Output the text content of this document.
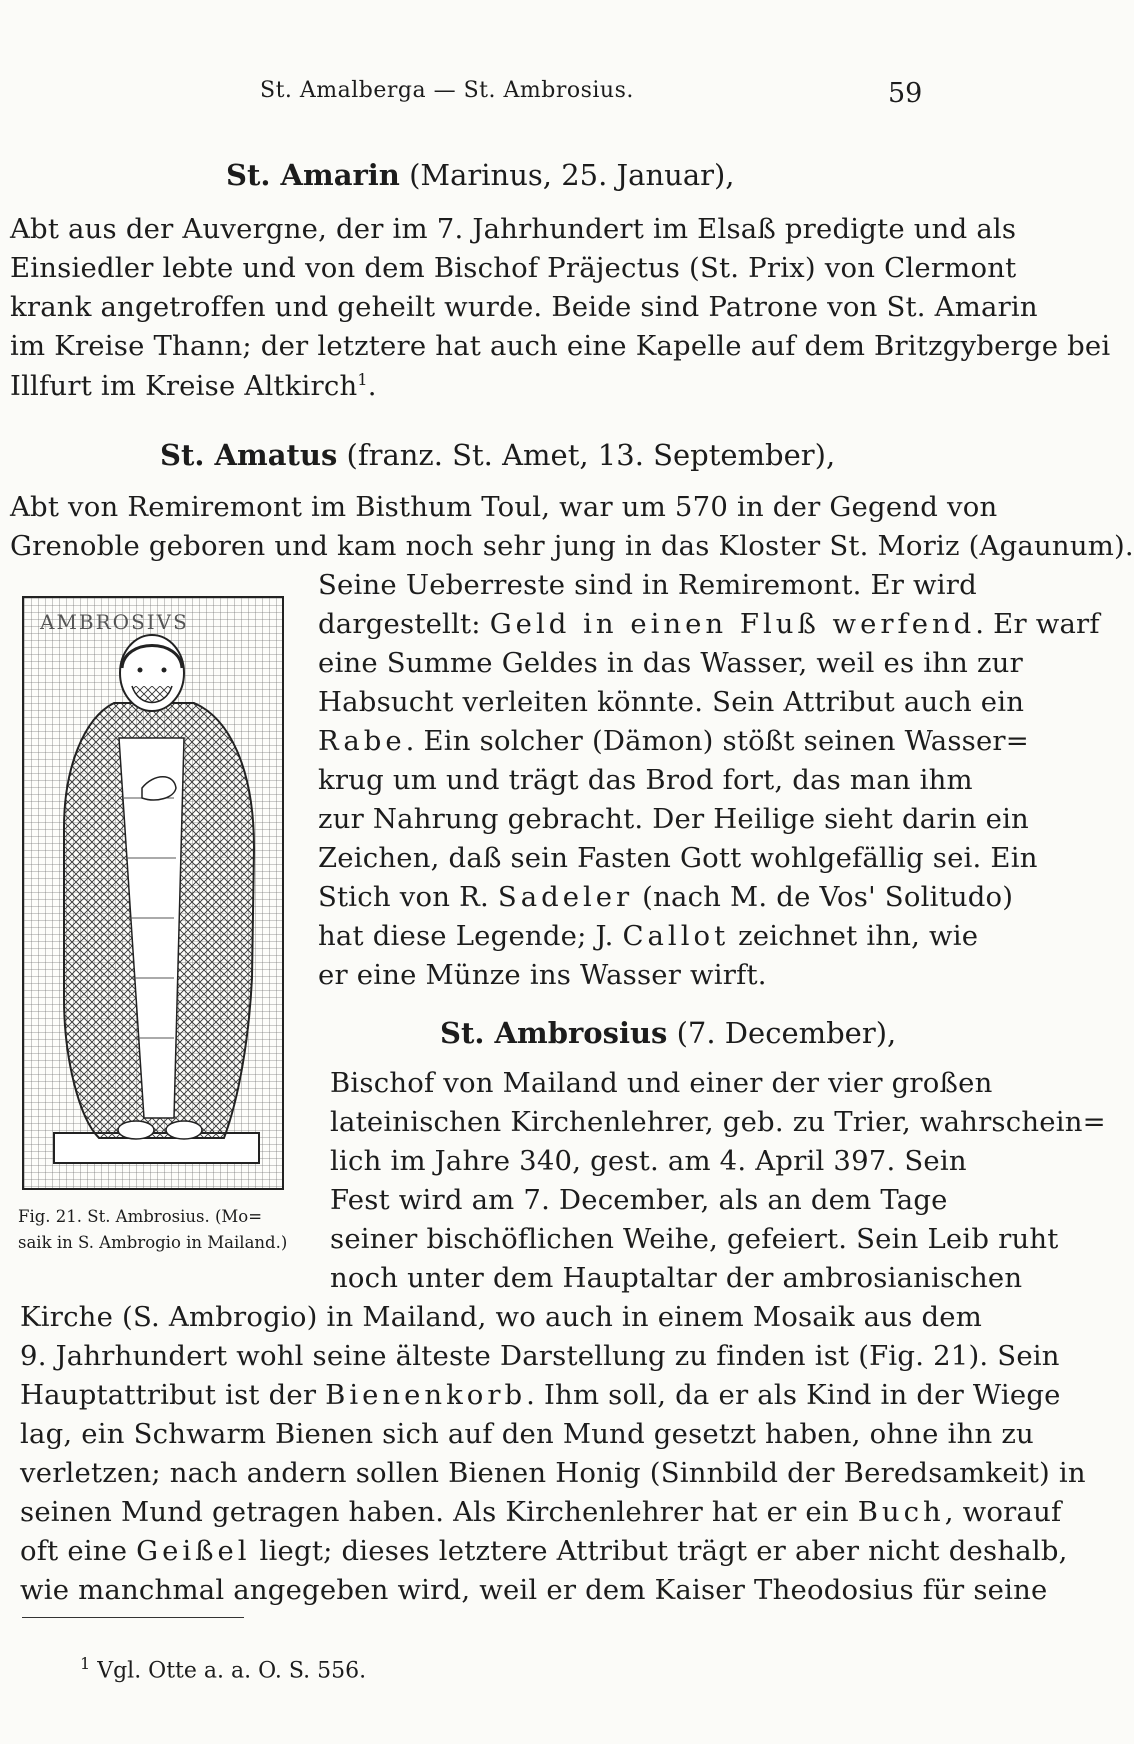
St. Amalberga — St. Ambrosius.	59
St. Amarin (Marinus, 25. Januar),
Abt aus der Auvergne, der im 7. Jahrhundert im Elsaß predigte und als
Einsiedler lebte und von dem Bischof Präjectus (St. Prix) von Clermont
krank angetroffen und geheilt wurde. Beide sind Patrone von St. Amarin
im Kreise Thann; der letztere hat auch eine Kapelle auf dem Britzgyberge bei
Illfurt im Kreise Altkirch$^1$.
St. Amatus (franz. St. Amet, 13. September),
Abt von Remiremont im Bisthum Toul, war um 570 in der Gegend von
Grenoble geboren und kam noch sehr jung in das Kloster St. Moriz (Agaunum).
Seine Ueberreste sind in Remiremont. Er wird
dargestellt: Geld in einen Fluß werfend. Er warf
eine Summe Geldes in das Wasser, weil es ihn zur
Habsucht verleiten könnte. Sein Attribut auch ein
Rabe. Ein solcher (Dämon) stößt seinen Wasser=
krug um und trägt das Brod fort, das man ihm
zur Nahrung gebracht. Der Heilige sieht darin ein
Zeichen, daß sein Fasten Gott wohlgefällig sei. Ein
Stich von R. Sadeler (nach M. de Vos' Solitudo)
hat diese Legende; J. Callot zeichnet ihn, wie
er eine Münze ins Wasser wirft.
St. Ambrosius (7. December),
Bischof von Mailand und einer der vier großen
lateinischen Kirchenlehrer, geb. zu Trier, wahrschein=
lich im Jahre 340, gest. am 4. April 397. Sein
Fest wird am 7. December, als an dem Tage
seiner bischöflichen Weihe, gefeiert. Sein Leib ruht
noch unter dem Hauptaltar der ambrosianischen
Kirche (S. Ambrogio) in Mailand, wo auch in einem Mosaik aus dem
9. Jahrhundert wohl seine älteste Darstellung zu finden ist (Fig. 21). Sein
Hauptattribut ist der Bienenkorb. Ihm soll, da er als Kind in der Wiege
lag, ein Schwarm Bienen sich auf den Mund gesetzt haben, ohne ihn zu
verletzen; nach andern sollen Bienen Honig (Sinnbild der Beredsamkeit) in
seinen Mund getragen haben. Als Kirchenlehrer hat er ein Buch, worauf
oft eine Geißel liegt; dieses letztere Attribut trägt er aber nicht deshalb,
wie manchmal angegeben wird, weil er dem Kaiser Theodosius für seine
AMBROSIVS
Fig. 21. St. Ambrosius. (Mo=
saik in S. Ambrogio in Mailand.)
$^1$ Vgl. Otte a. a. O. S. 556.
